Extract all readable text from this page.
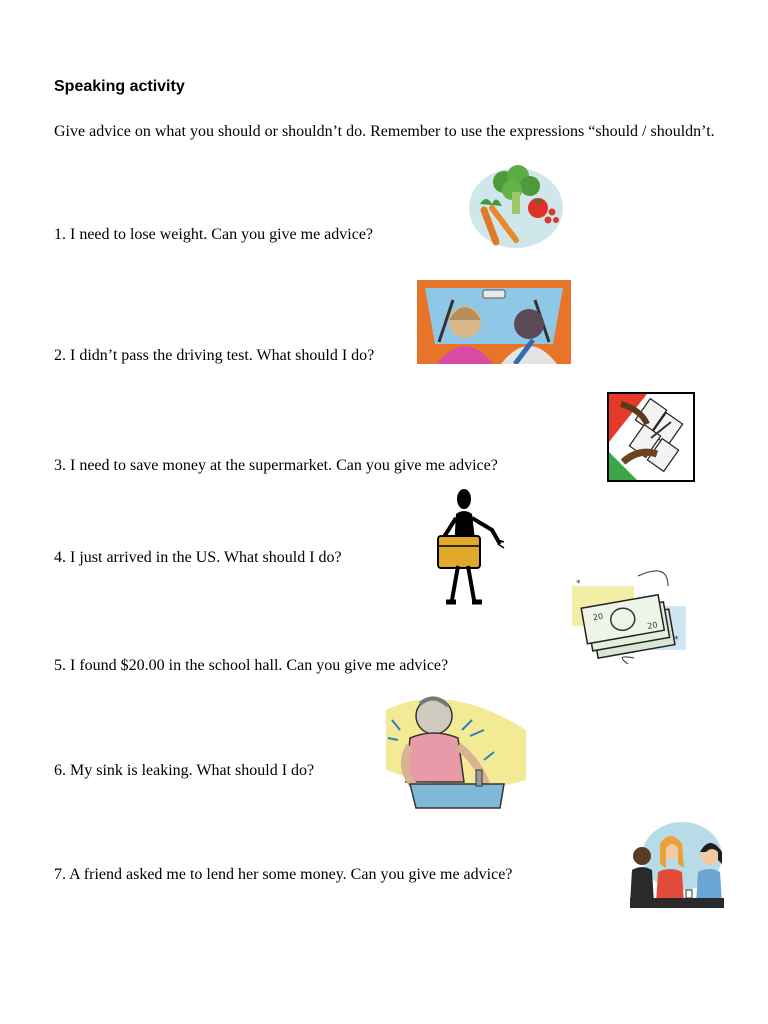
Speaking activity
Give advice on what you should or shouldn’t do. Remember to use the expressions “should / shouldn’t.
1. I need to lose weight. Can you give me advice?
2. I didn’t pass the driving test. What should I do?
3. I need to save money at the supermarket. Can you give me advice?
4. I just arrived in the US. What should I do?
5. I found $20.00 in the school hall. Can you give me advice?
6. My sink is leaking. What should I do?
7. A friend asked me to lend her some money. Can you give me advice?
20
20
*
*
